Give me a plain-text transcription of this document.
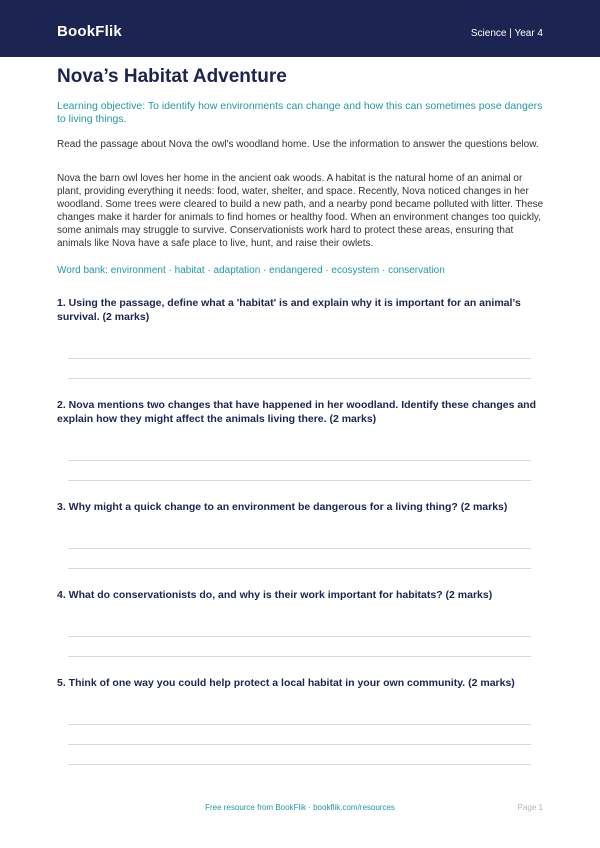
BookFlik	Science | Year 4
Nova’s Habitat Adventure

Learning objective: To identify how environments can change and how this can sometimes pose dangers to living things.

Read the passage about Nova the owl's woodland home. Use the information to answer the questions below.

Nova the barn owl loves her home in the ancient oak woods. A habitat is the natural home of an animal or plant, providing everything it needs: food, water, shelter, and space. Recently, Nova noticed changes in her woodland. Some trees were cleared to build a new path, and a nearby pond became polluted with litter. These changes make it harder for animals to find homes or healthy food. When an environment changes too quickly, some animals may struggle to survive. Conservationists work hard to protect these areas, ensuring that animals like Nova have a safe place to live, hunt, and raise their owlets.

Word bank: environment · habitat · adaptation · endangered · ecosystem · conservation

1. Using the passage, define what a 'habitat' is and explain why it is important for an animal’s survival. (2 marks)

2. Nova mentions two changes that have happened in her woodland. Identify these changes and explain how they might affect the animals living there. (2 marks)

3. Why might a quick change to an environment be dangerous for a living thing? (2 marks)

4. What do conservationists do, and why is their work important for habitats? (2 marks)

5. Think of one way you could help protect a local habitat in your own community. (2 marks)

Free resource from BookFlik · bookflik.com/resources	Page 1
